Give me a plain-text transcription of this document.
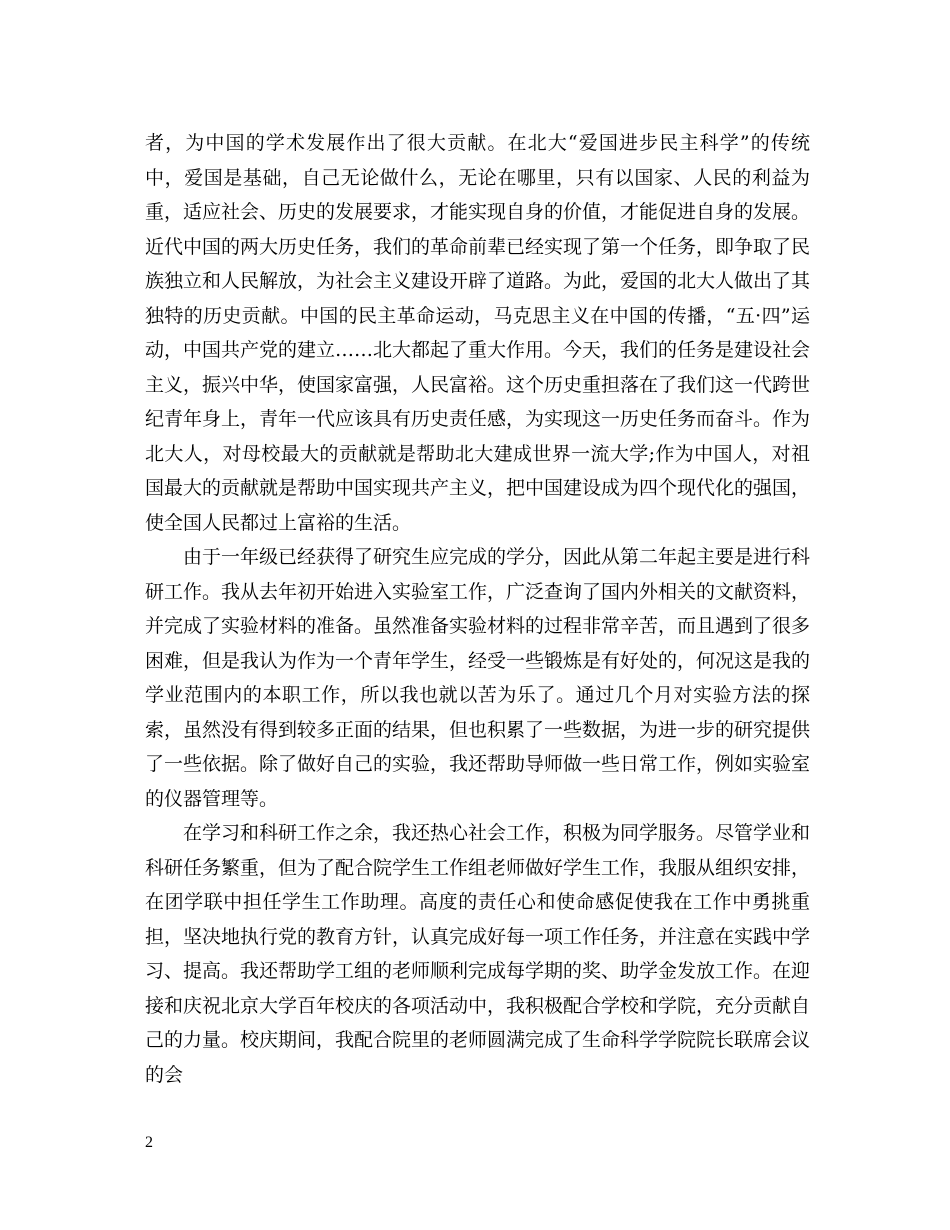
者，为中国的学术发展作出了很大贡献。在北大“爱国进步民主科学”的传统中，爱国是基础，自己无论做什么，无论在哪里，只有以国家、人民的利益为重，适应社会、历史的发展要求，才能实现自身的价值，才能促进自身的发展。近代中国的两大历史任务，我们的革命前辈已经实现了第一个任务，即争取了民族独立和人民解放，为社会主义建设开辟了道路。为此，爱国的北大人做出了其独特的历史贡献。中国的民主革命运动，马克思主义在中国的传播，“五·四”运动，中国共产党的建立……北大都起了重大作用。今天，我们的任务是建设社会主义，振兴中华，使国家富强，人民富裕。这个历史重担落在了我们这一代跨世纪青年身上，青年一代应该具有历史责任感，为实现这一历史任务而奋斗。作为北大人，对母校最大的贡献就是帮助北大建成世界一流大学;作为中国人，对祖国最大的贡献就是帮助中国实现共产主义，把中国建设成为四个现代化的强国，使全国人民都过上富裕的生活。

由于一年级已经获得了研究生应完成的学分，因此从第二年起主要是进行科研工作。我从去年初开始进入实验室工作，广泛查询了国内外相关的文献资料，并完成了实验材料的准备。虽然准备实验材料的过程非常辛苦，而且遇到了很多困难，但是我认为作为一个青年学生，经受一些锻炼是有好处的，何况这是我的学业范围内的本职工作，所以我也就以苦为乐了。通过几个月对实验方法的探索，虽然没有得到较多正面的结果，但也积累了一些数据，为进一步的研究提供了一些依据。除了做好自己的实验，我还帮助导师做一些日常工作，例如实验室的仪器管理等。

在学习和科研工作之余，我还热心社会工作，积极为同学服务。尽管学业和科研任务繁重，但为了配合院学生工作组老师做好学生工作，我服从组织安排，在团学联中担任学生工作助理。高度的责任心和使命感促使我在工作中勇挑重担，坚决地执行党的教育方针，认真完成好每一项工作任务，并注意在实践中学习、提高。我还帮助学工组的老师顺利完成每学期的奖、助学金发放工作。在迎接和庆祝北京大学百年校庆的各项活动中，我积极配合学校和学院，充分贡献自己的力量。校庆期间，我配合院里的老师圆满完成了生命科学学院院长联席会议的会

2
